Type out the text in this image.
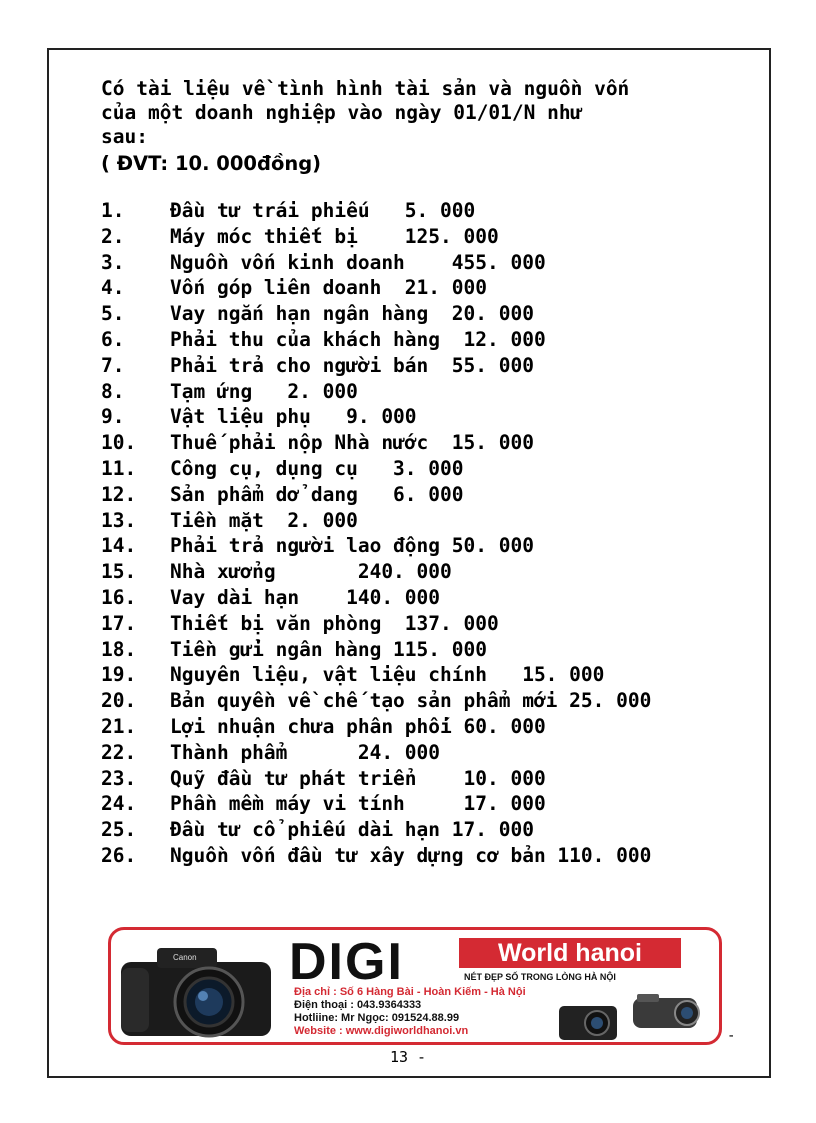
Có tài liệu về tình hình tài sản và nguồn vốn
của một doanh nghiệp vào ngày 01/01/N như
sau:
( ĐVT: 10. 000đồng)
1.	Đầu tư trái phiếu   5. 000
2.	Máy móc thiết bị    125. 000
3.	Nguồn vốn kinh doanh    455. 000
4.	Vốn góp liên doanh  21. 000
5.	Vay ngắn hạn ngân hàng  20. 000
6.	Phải thu của khách hàng  12. 000
7.	Phải trả cho người bán  55. 000
8.	Tạm ứng   2. 000
9.	Vật liệu phụ   9. 000
10.	Thuế phải nộp Nhà nước  15. 000
11.	Công cụ, dụng cụ   3. 000
12.	Sản phẩm dở dang   6. 000
13.	Tiền mặt  2. 000
14.	Phải trả người lao động 50. 000
15.	Nhà xưởng       240. 000
16.	Vay dài hạn    140. 000
17.	Thiết bị văn phòng  137. 000
18.	Tiền gửi ngân hàng 115. 000
19.	Nguyên liệu, vật liệu chính   15. 000
20.	Bản quyền về chế tạo sản phẩm mới 25. 000
21.	Lợi nhuận chưa phân phối 60. 000
22.	Thành phẩm      24. 000
23.	Quỹ đầu tư phát triển    10. 000
24.	Phần mềm máy vi tính     17. 000
25.	Đầu tư cổ phiếu dài hạn 17. 000
26.	Nguồn vốn đầu tư xây dựng cơ bản 110. 000
Canon DIGI	World hanoi
NÉT ĐẸP SỐ TRONG LÒNG HÀ NỘI
Địa chỉ : Số 6 Hàng Bài - Hoàn Kiếm - Hà Nội
Điện thoại : 043.9364333
Hotliine: Mr Ngọc: 091524.88.99
Website : www.digiworldhanoi.vn	-
13 -
